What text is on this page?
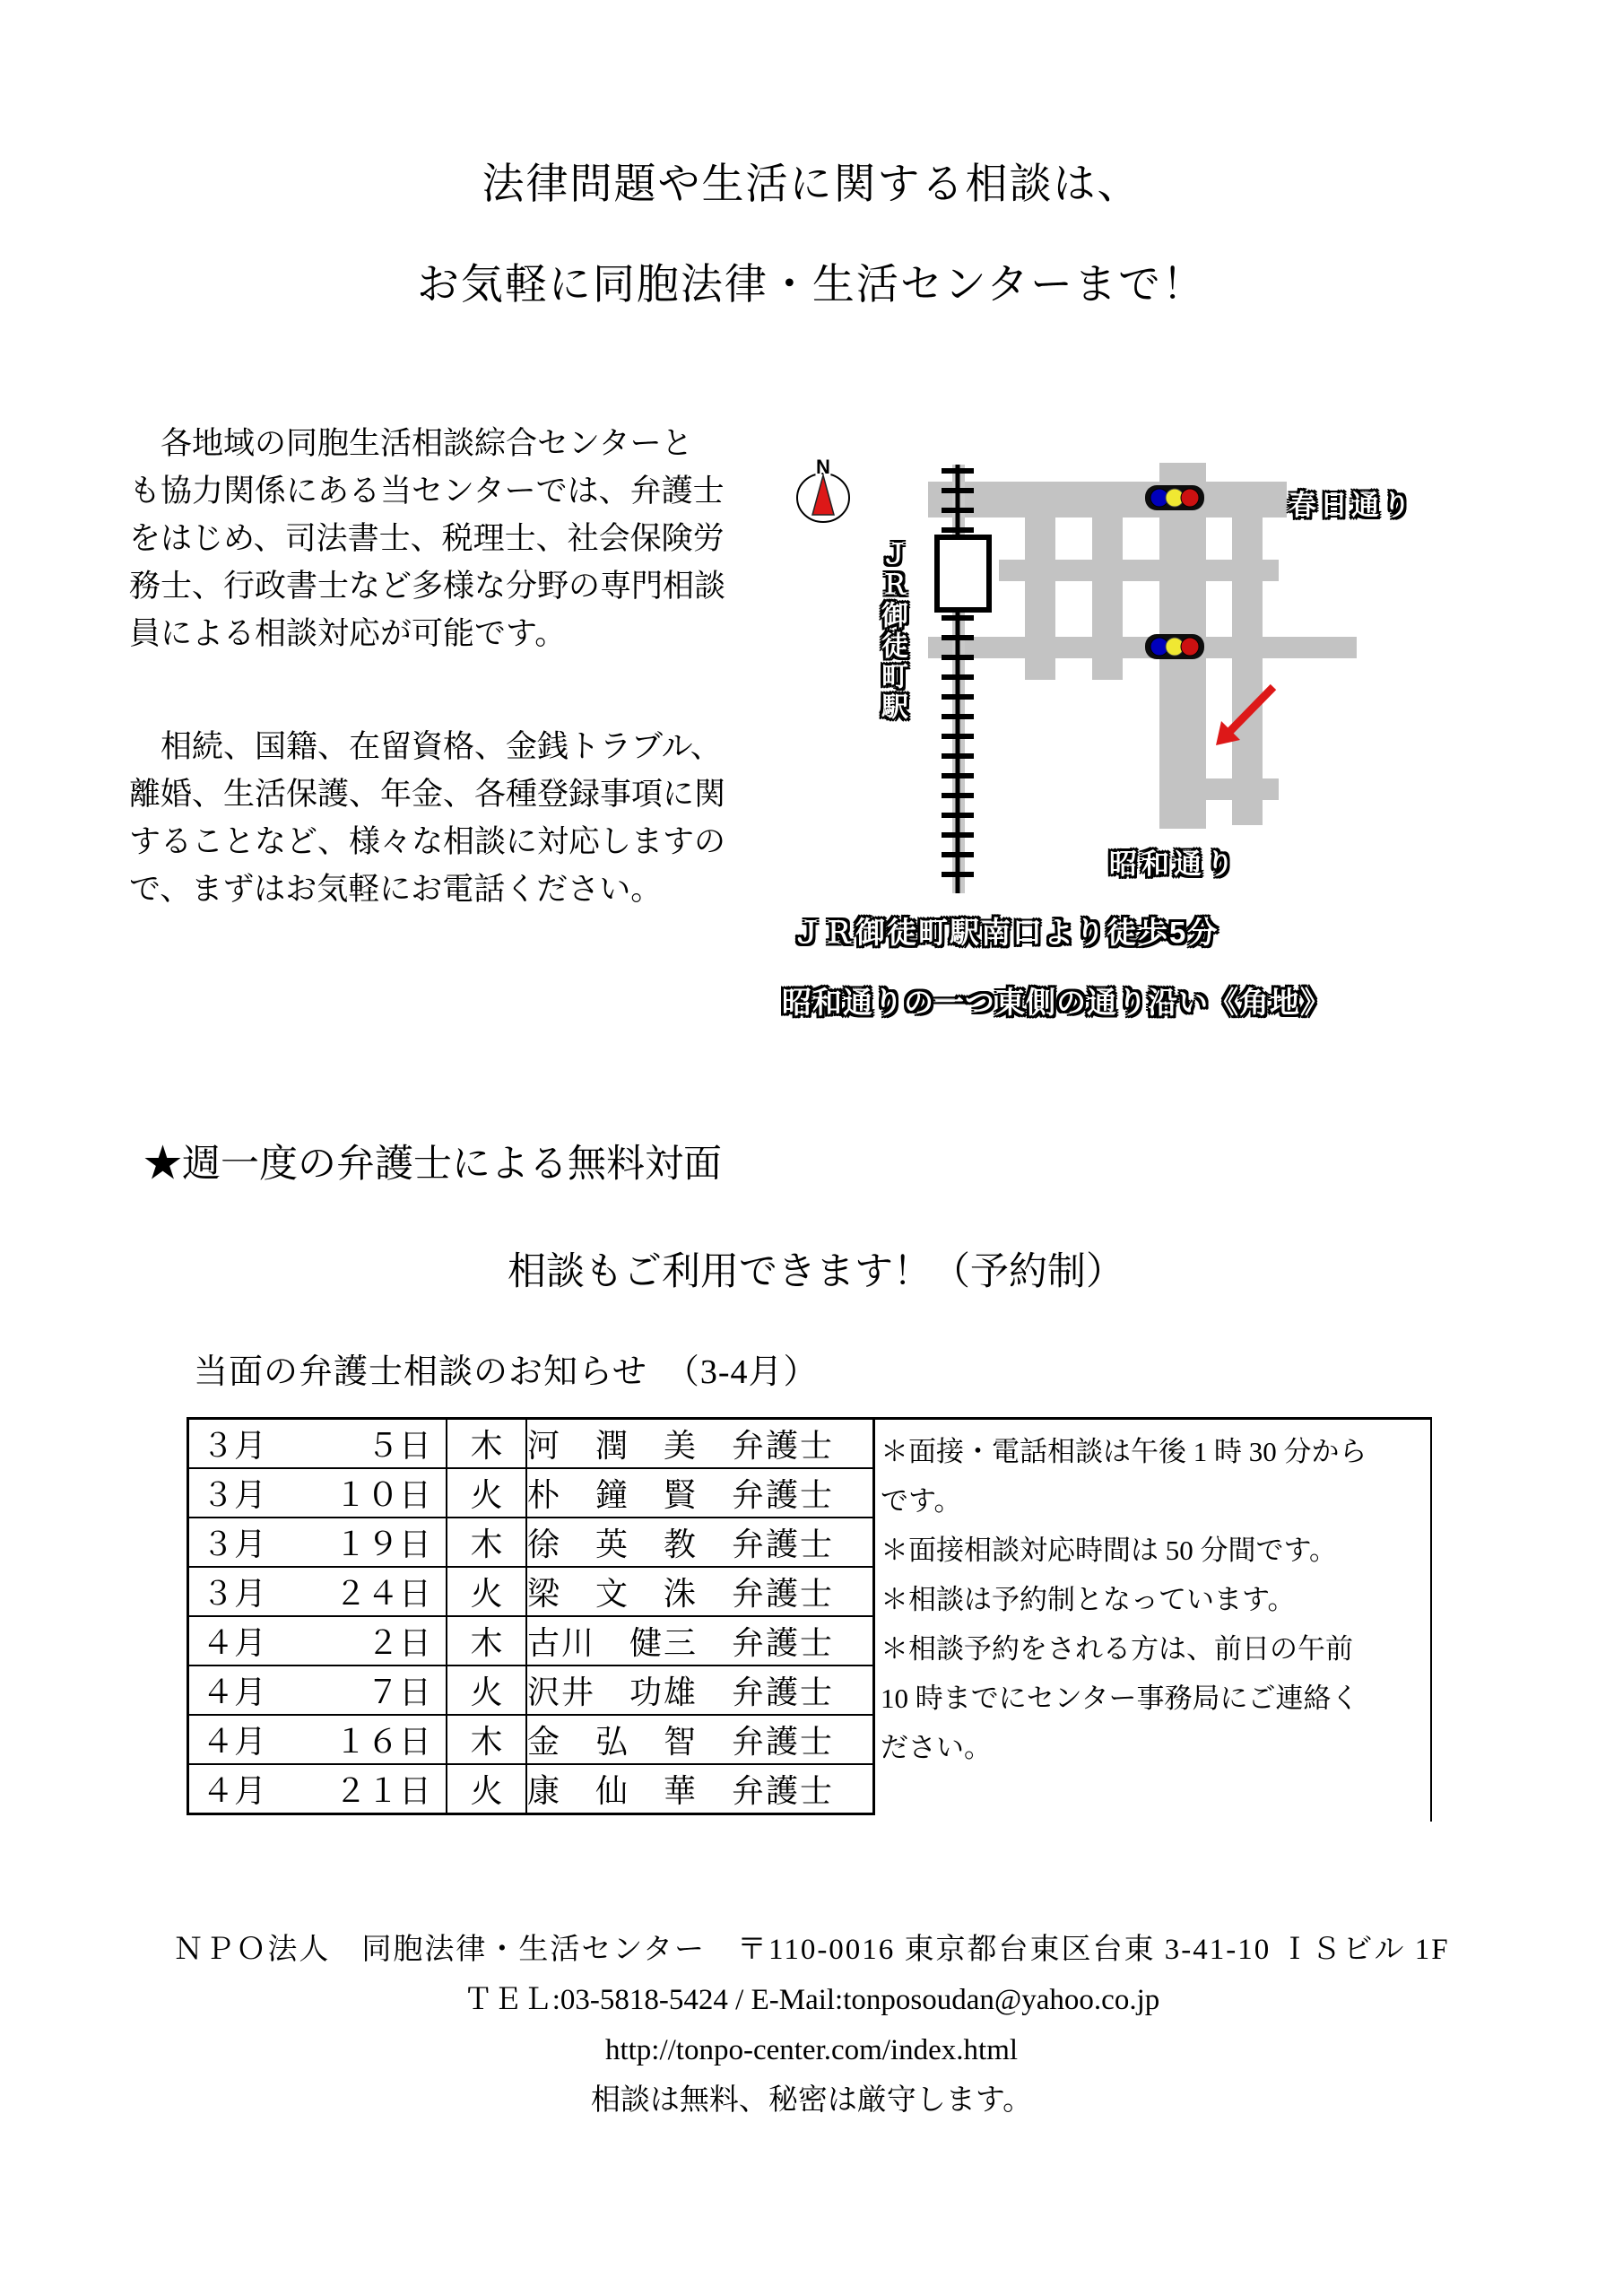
法律問題や生活に関する相談は、
お気軽に同胞法律・生活センターまで！
　各地域の同胞生活相談綜合センターと
も協力関係にある当センターでは、弁護士
をはじめ、司法書士、税理士、社会保険労
務士、行政書士など多様な分野の専門相談
員による相談対応が可能です。
　相続、国籍、在留資格、金銭トラブル、
離婚、生活保護、年金、各種登録事項に関
することなど、様々な相談に対応しますの
で、まずはお気軽にお電話ください。
N
ＪＲ御徒町駅
春日通り
昭和通り
ＪＲ御徒町駅南口より徒歩5分
昭和通りの一つ東側の通り沿い《角地》
★週一度の弁護士による無料対面
相談もご利用できます！（予約制）
当面の弁護士相談のお知らせ　（3-4月）
３月 ５日	木	河　潤　美　弁護士

３月 １０日	火	朴　鐘　賢　弁護士

３月 １９日	木	徐　英　教　弁護士

３月 ２４日	火	梁　文　洙　弁護士

４月 ２日	木	古川　健三　弁護士

４月 ７日	火	沢井　功雄　弁護士

４月 １６日	木	金　弘　智　弁護士

４月 ２１日	火	康　仙　華　弁護士
＊面接・電話相談は午後 1 時 30 分から
です。
＊面接相談対応時間は 50 分間です。
＊相談は予約制となっています。
＊相談予約をされる方は、前日の午前
10 時までにセンター事務局にご連絡く
ださい。
ＮＰＯ法人　同胞法律・生活センター　〒110-0016 東京都台東区台東 3-41-10 ＩＳビル 1F
ＴＥＬ:03-5818-5424 / E-Mail:tonposoudan@yahoo.co.jp
http://tonpo-center.com/index.html
相談は無料、秘密は厳守します。
